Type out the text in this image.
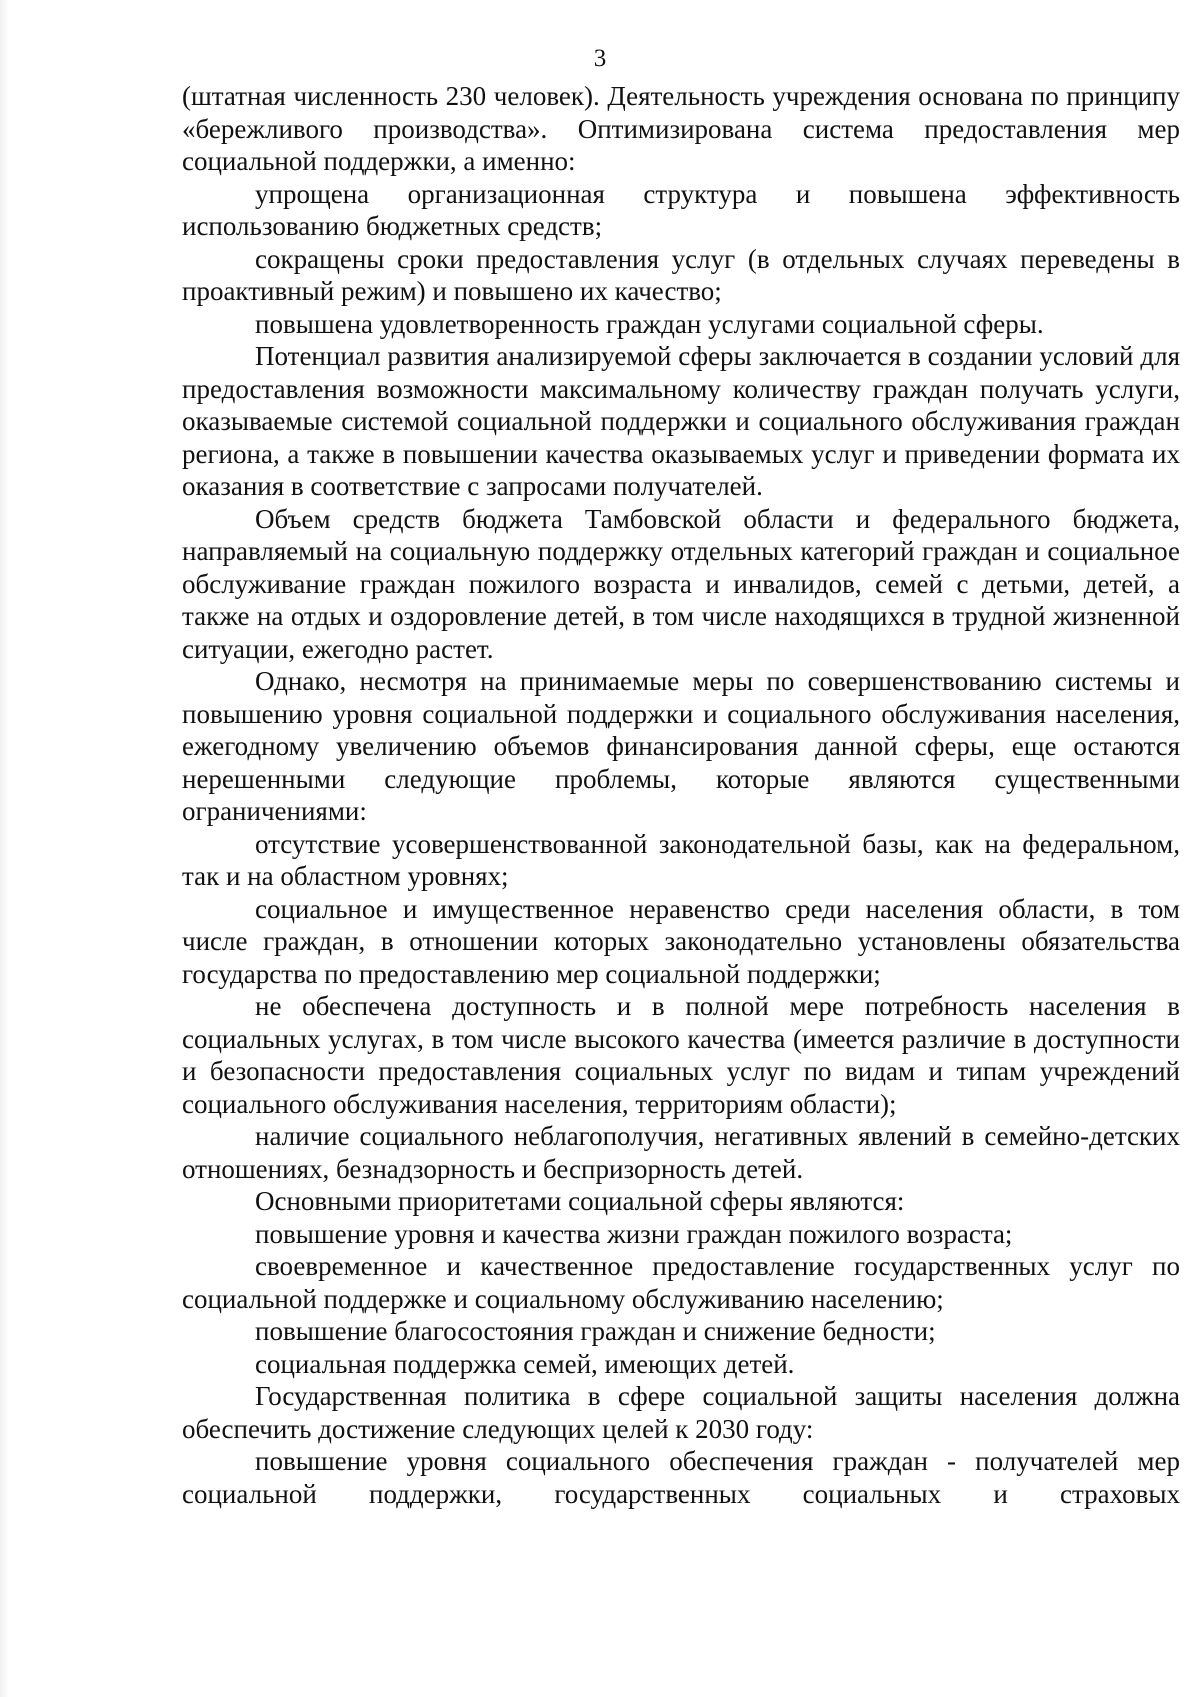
3

(штатная численность 230 человек). Деятельность учреждения основана по принципу «бережливого производства». Оптимизирована система предоставления мер социальной поддержки, а именно:

упрощена организационная структура и повышена эффективность использованию бюджетных средств;

сокращены сроки предоставления услуг (в отдельных случаях переведены в проактивный режим) и повышено их качество;

повышена удовлетворенность граждан услугами социальной сферы.

Потенциал развития анализируемой сферы заключается в создании условий для предоставления возможности максимальному количеству граждан получать услуги, оказываемые системой социальной поддержки и социального обслуживания граждан региона, а также в повышении качества оказываемых услуг и приведении формата их оказания в соответствие с запросами получателей.

Объем средств бюджета Тамбовской области и федерального бюджета, направляемый на социальную поддержку отдельных категорий граждан и социальное обслуживание граждан пожилого возраста и инвалидов, семей с детьми, детей, а также на отдых и оздоровление детей, в том числе находящихся в трудной жизненной ситуации, ежегодно растет.

Однако, несмотря на принимаемые меры по совершенствованию системы и повышению уровня социальной поддержки и социального обслуживания населения, ежегодному увеличению объемов финансирования данной сферы, еще остаются нерешенными следующие проблемы, которые являются существенными ограничениями:

отсутствие усовершенствованной законодательной базы, как на федеральном, так и на областном уровнях;

социальное и имущественное неравенство среди населения области, в том числе граждан, в отношении которых законодательно установлены обязательства государства по предоставлению мер социальной поддержки;

не обеспечена доступность и в полной мере потребность населения в социальных услугах, в том числе высокого качества (имеется различие в доступности и безопасности предоставления социальных услуг по видам и типам учреждений социального обслуживания населения, территориям области);

наличие социального неблагополучия, негативных явлений в семейно-детских отношениях, безнадзорность и беспризорность детей.

Основными приоритетами социальной сферы являются:

повышение уровня и качества жизни граждан пожилого возраста;

своевременное и качественное предоставление государственных услуг по социальной поддержке и социальному обслуживанию населению;

повышение благосостояния граждан и снижение бедности;

социальная поддержка семей, имеющих детей.

Государственная политика в сфере социальной защиты населения должна обеспечить достижение следующих целей к 2030 году:

повышение уровня социального обеспечения граждан - получателей мер социальной поддержки, государственных социальных и страховых
